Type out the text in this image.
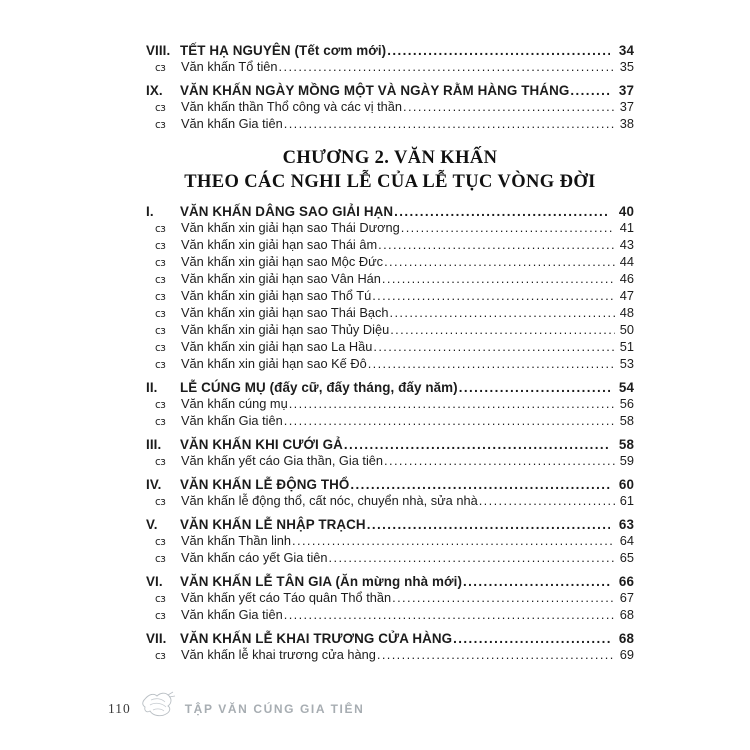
VIII. TẾT HẠ NGUYÊN (Tết cơm mới) .....	34
cɜ	Văn khấn Tổ tiên .....	35
IX.	VĂN KHẤN NGÀY MỒNG MỘT VÀ NGÀY RẰM HÀNG THÁNG .....	37
cɜ	Văn khấn thần Thổ công và các vị thần .....	37
cɜ	Văn khấn Gia tiên .....	38
CHƯƠNG 2. VĂN KHẤN
THEO CÁC NGHI LỄ CỦA LỄ TỤC VÒNG ĐỜI
I.	VĂN KHẤN DÂNG SAO GIẢI HẠN .....	40
cɜ	Văn khấn xin giải hạn sao Thái Dương .....	41
cɜ	Văn khấn xin giải hạn sao Thái âm .....	43
cɜ	Văn khấn xin giải hạn sao Mộc Đức .....	44
cɜ	Văn khấn xin giải hạn sao Vân Hán .....	46
cɜ	Văn khấn xin giải hạn sao Thổ Tú .....	47
cɜ	Văn khấn xin giải hạn sao Thái Bạch .....	48
cɜ	Văn khấn xin giải hạn sao Thủy Diệu .....	50
cɜ	Văn khấn xin giải hạn sao La Hầu .....	51
cɜ	Văn khấn xin giải hạn sao Kế Đô .....	53
II.	LỄ CÚNG MỤ (đấy cữ, đấy tháng, đấy năm) .....	54
cɜ	Văn khấn cúng mụ .....	56
cɜ	Văn khấn Gia tiên .....	58
III.	VĂN KHẤN KHI CƯỚI GẢ .....	58
cɜ	Văn khấn yết cáo Gia thần, Gia tiên .....	59
IV.	VĂN KHẤN LỄ ĐỘNG THỔ .....	60
cɜ	Văn khấn lễ động thổ, cất nóc, chuyển nhà, sửa nhà .....	61
V.	VĂN KHẤN LỄ NHẬP TRẠCH .....	63
cɜ	Văn khấn Thần linh .....	64
cɜ	Văn khấn cáo yết Gia tiên .....	65
VI.	VĂN KHẤN LỄ TÂN GIA (Ăn mừng nhà mới) .....	66
cɜ	Văn khấn yết cáo Táo quân Thổ thần .....	67
cɜ	Văn khấn Gia tiên .....	68
VII.	VĂN KHẤN LỄ KHAI TRƯƠNG CỬA HÀNG .....	68
cɜ	Văn khấn lễ khai trương cửa hàng .....	69
110	TẬP VĂN CÚNG GIA TIÊN
